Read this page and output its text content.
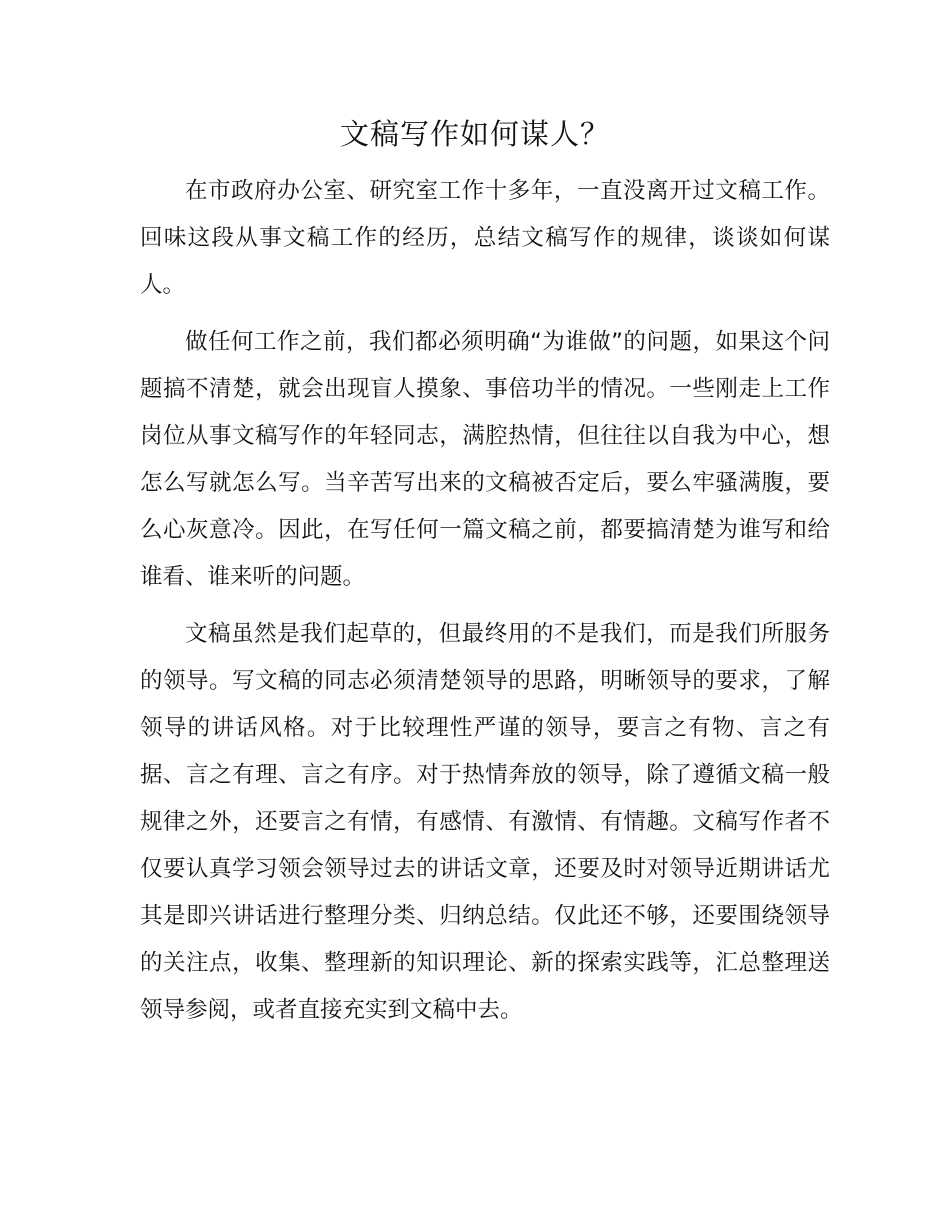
文稿写作如何谋人？

在市政府办公室、研究室工作十多年，一直没离开过文稿工作。回味这段从事文稿工作的经历，总结文稿写作的规律，谈谈如何谋人。

做任何工作之前，我们都必须明确“为谁做”的问题，如果这个问题搞不清楚，就会出现盲人摸象、事倍功半的情况。一些刚走上工作岗位从事文稿写作的年轻同志，满腔热情，但往往以自我为中心，想怎么写就怎么写。当辛苦写出来的文稿被否定后，要么牢骚满腹，要么心灰意冷。因此，在写任何一篇文稿之前，都要搞清楚为谁写和给谁看、谁来听的问题。

文稿虽然是我们起草的，但最终用的不是我们，而是我们所服务的领导。写文稿的同志必须清楚领导的思路，明晰领导的要求，了解领导的讲话风格。对于比较理性严谨的领导，要言之有物、言之有据、言之有理、言之有序。对于热情奔放的领导，除了遵循文稿一般规律之外，还要言之有情，有感情、有激情、有情趣。文稿写作者不仅要认真学习领会领导过去的讲话文章，还要及时对领导近期讲话尤其是即兴讲话进行整理分类、归纳总结。仅此还不够，还要围绕领导的关注点，收集、整理新的知识理论、新的探索实践等，汇总整理送领导参阅，或者直接充实到文稿中去。
